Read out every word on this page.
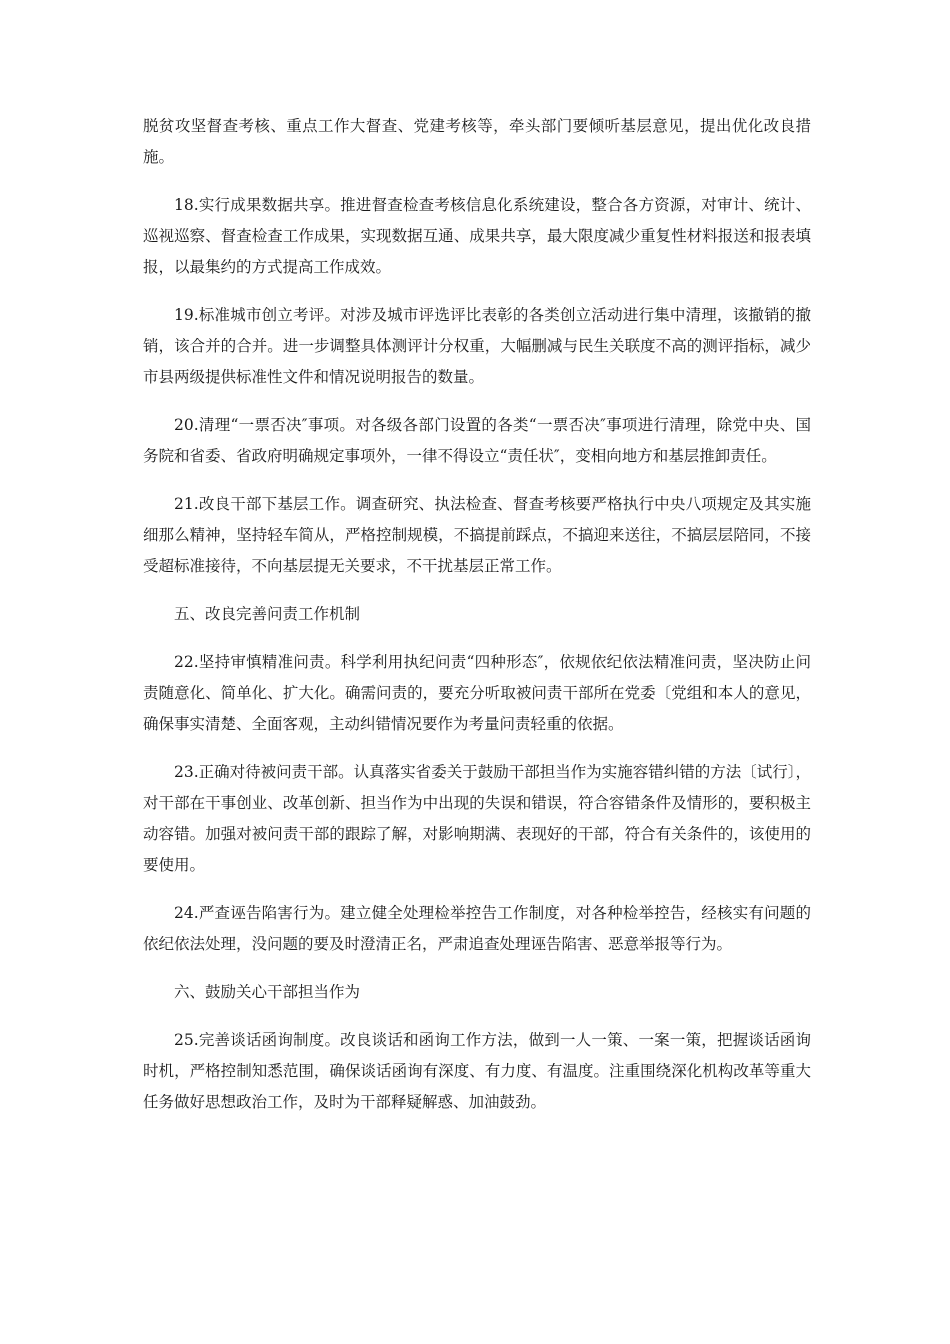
脱贫攻坚督查考核、重点工作大督查、党建考核等，牵头部门要倾听基层意见，提出优化改良措施。

18.实行成果数据共享。推进督查检查考核信息化系统建设，整合各方资源，对审计、统计、巡视巡察、督查检查工作成果，实现数据互通、成果共享，最大限度减少重复性材料报送和报表填报，以最集约的方式提高工作成效。

19.标准城市创立考评。对涉及城市评选评比表彰的各类创立活动进行集中清理，该撤销的撤销，该合并的合并。进一步调整具体测评计分权重，大幅删减与民生关联度不高的测评指标，减少市县两级提供标准性文件和情况说明报告的数量。

20.清理“一票否决″事项。对各级各部门设置的各类“一票否决″事项进行清理，除党中央、国务院和省委、省政府明确规定事项外，一律不得设立“责任状″，变相向地方和基层推卸责任。

21.改良干部下基层工作。调查研究、执法检查、督查考核要严格执行中央八项规定及其实施细那么精神，坚持轻车简从，严格控制规模，不搞提前踩点，不搞迎来送往，不搞层层陪同，不接受超标准接待，不向基层提无关要求，不干扰基层正常工作。

五、改良完善问责工作机制

22.坚持审慎精准问责。科学利用执纪问责“四种形态″，依规依纪依法精准问责，坚决防止问责随意化、简单化、扩大化。确需问责的，要充分听取被问责干部所在党委〔党组和本人的意见，确保事实清楚、全面客观，主动纠错情况要作为考量问责轻重的依据。

23.正确对待被问责干部。认真落实省委关于鼓励干部担当作为实施容错纠错的方法〔试行〕，对干部在干事创业、改革创新、担当作为中出现的失误和错误，符合容错条件及情形的，要积极主动容错。加强对被问责干部的跟踪了解，对影响期满、表现好的干部，符合有关条件的，该使用的要使用。

24.严查诬告陷害行为。建立健全处理检举控告工作制度，对各种检举控告，经核实有问题的依纪依法处理，没问题的要及时澄清正名，严肃追查处理诬告陷害、恶意举报等行为。

六、鼓励关心干部担当作为

25.完善谈话函询制度。改良谈话和函询工作方法，做到一人一策、一案一策，把握谈话函询时机，严格控制知悉范围，确保谈话函询有深度、有力度、有温度。注重围绕深化机构改革等重大任务做好思想政治工作，及时为干部释疑解惑、加油鼓劲。
